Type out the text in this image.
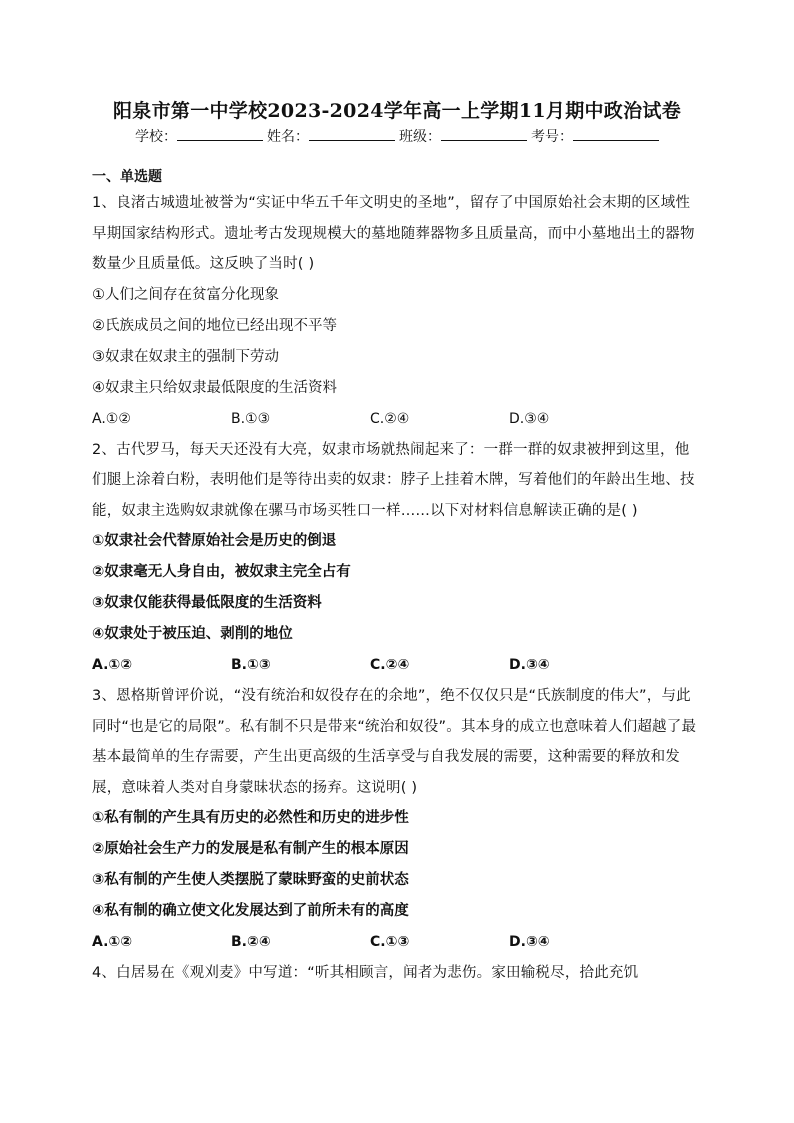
阳泉市第一中学校2023-2024学年高一上学期11月期中政治试卷
学校：	姓名：	班级：	考号：
一、单选题
1、良渚古城遗址被誉为“实证中华五千年文明史的圣地”，留存了中国原始社会末期的区域性早期国家结构形式。遗址考古发现规模大的墓地随葬器物多且质量高，而中小墓地出土的器物数量少且质量低。这反映了当时( )
①人们之间存在贫富分化现象
②氏族成员之间的地位已经出现不平等
③奴隶在奴隶主的强制下劳动
④奴隶主只给奴隶最低限度的生活资料
A.①②	B.①③	C.②④	D.③④
2、古代罗马，每天天还没有大亮，奴隶市场就热闹起来了：一群一群的奴隶被押到这里，他们腿上涂着白粉，表明他们是等待出卖的奴隶：脖子上挂着木牌，写着他们的年龄出生地、技能，奴隶主选购奴隶就像在骡马市场买牲口一样……以下对材料信息解读正确的是( )
①奴隶社会代替原始社会是历史的倒退
②奴隶毫无人身自由，被奴隶主完全占有
③奴隶仅能获得最低限度的生活资料
④奴隶处于被压迫、剥削的地位
A.①②	B.①③	C.②④	D.③④
3、恩格斯曾评价说，“没有统治和奴役存在的余地”，绝不仅仅只是“氏族制度的伟大”，与此同时“也是它的局限”。私有制不只是带来“统治和奴役”。其本身的成立也意味着人们超越了最基本最简单的生存需要，产生出更高级的生活享受与自我发展的需要，这种需要的释放和发展，意味着人类对自身蒙昧状态的扬弃。这说明( )
①私有制的产生具有历史的必然性和历史的进步性
②原始社会生产力的发展是私有制产生的根本原因
③私有制的产生使人类摆脱了蒙昧野蛮的史前状态
④私有制的确立使文化发展达到了前所未有的高度
A.①②	B.②④	C.①③	D.③④
4、白居易在《观刈麦》中写道：“听其相顾言，闻者为悲伤。家田输税尽，拾此充饥
